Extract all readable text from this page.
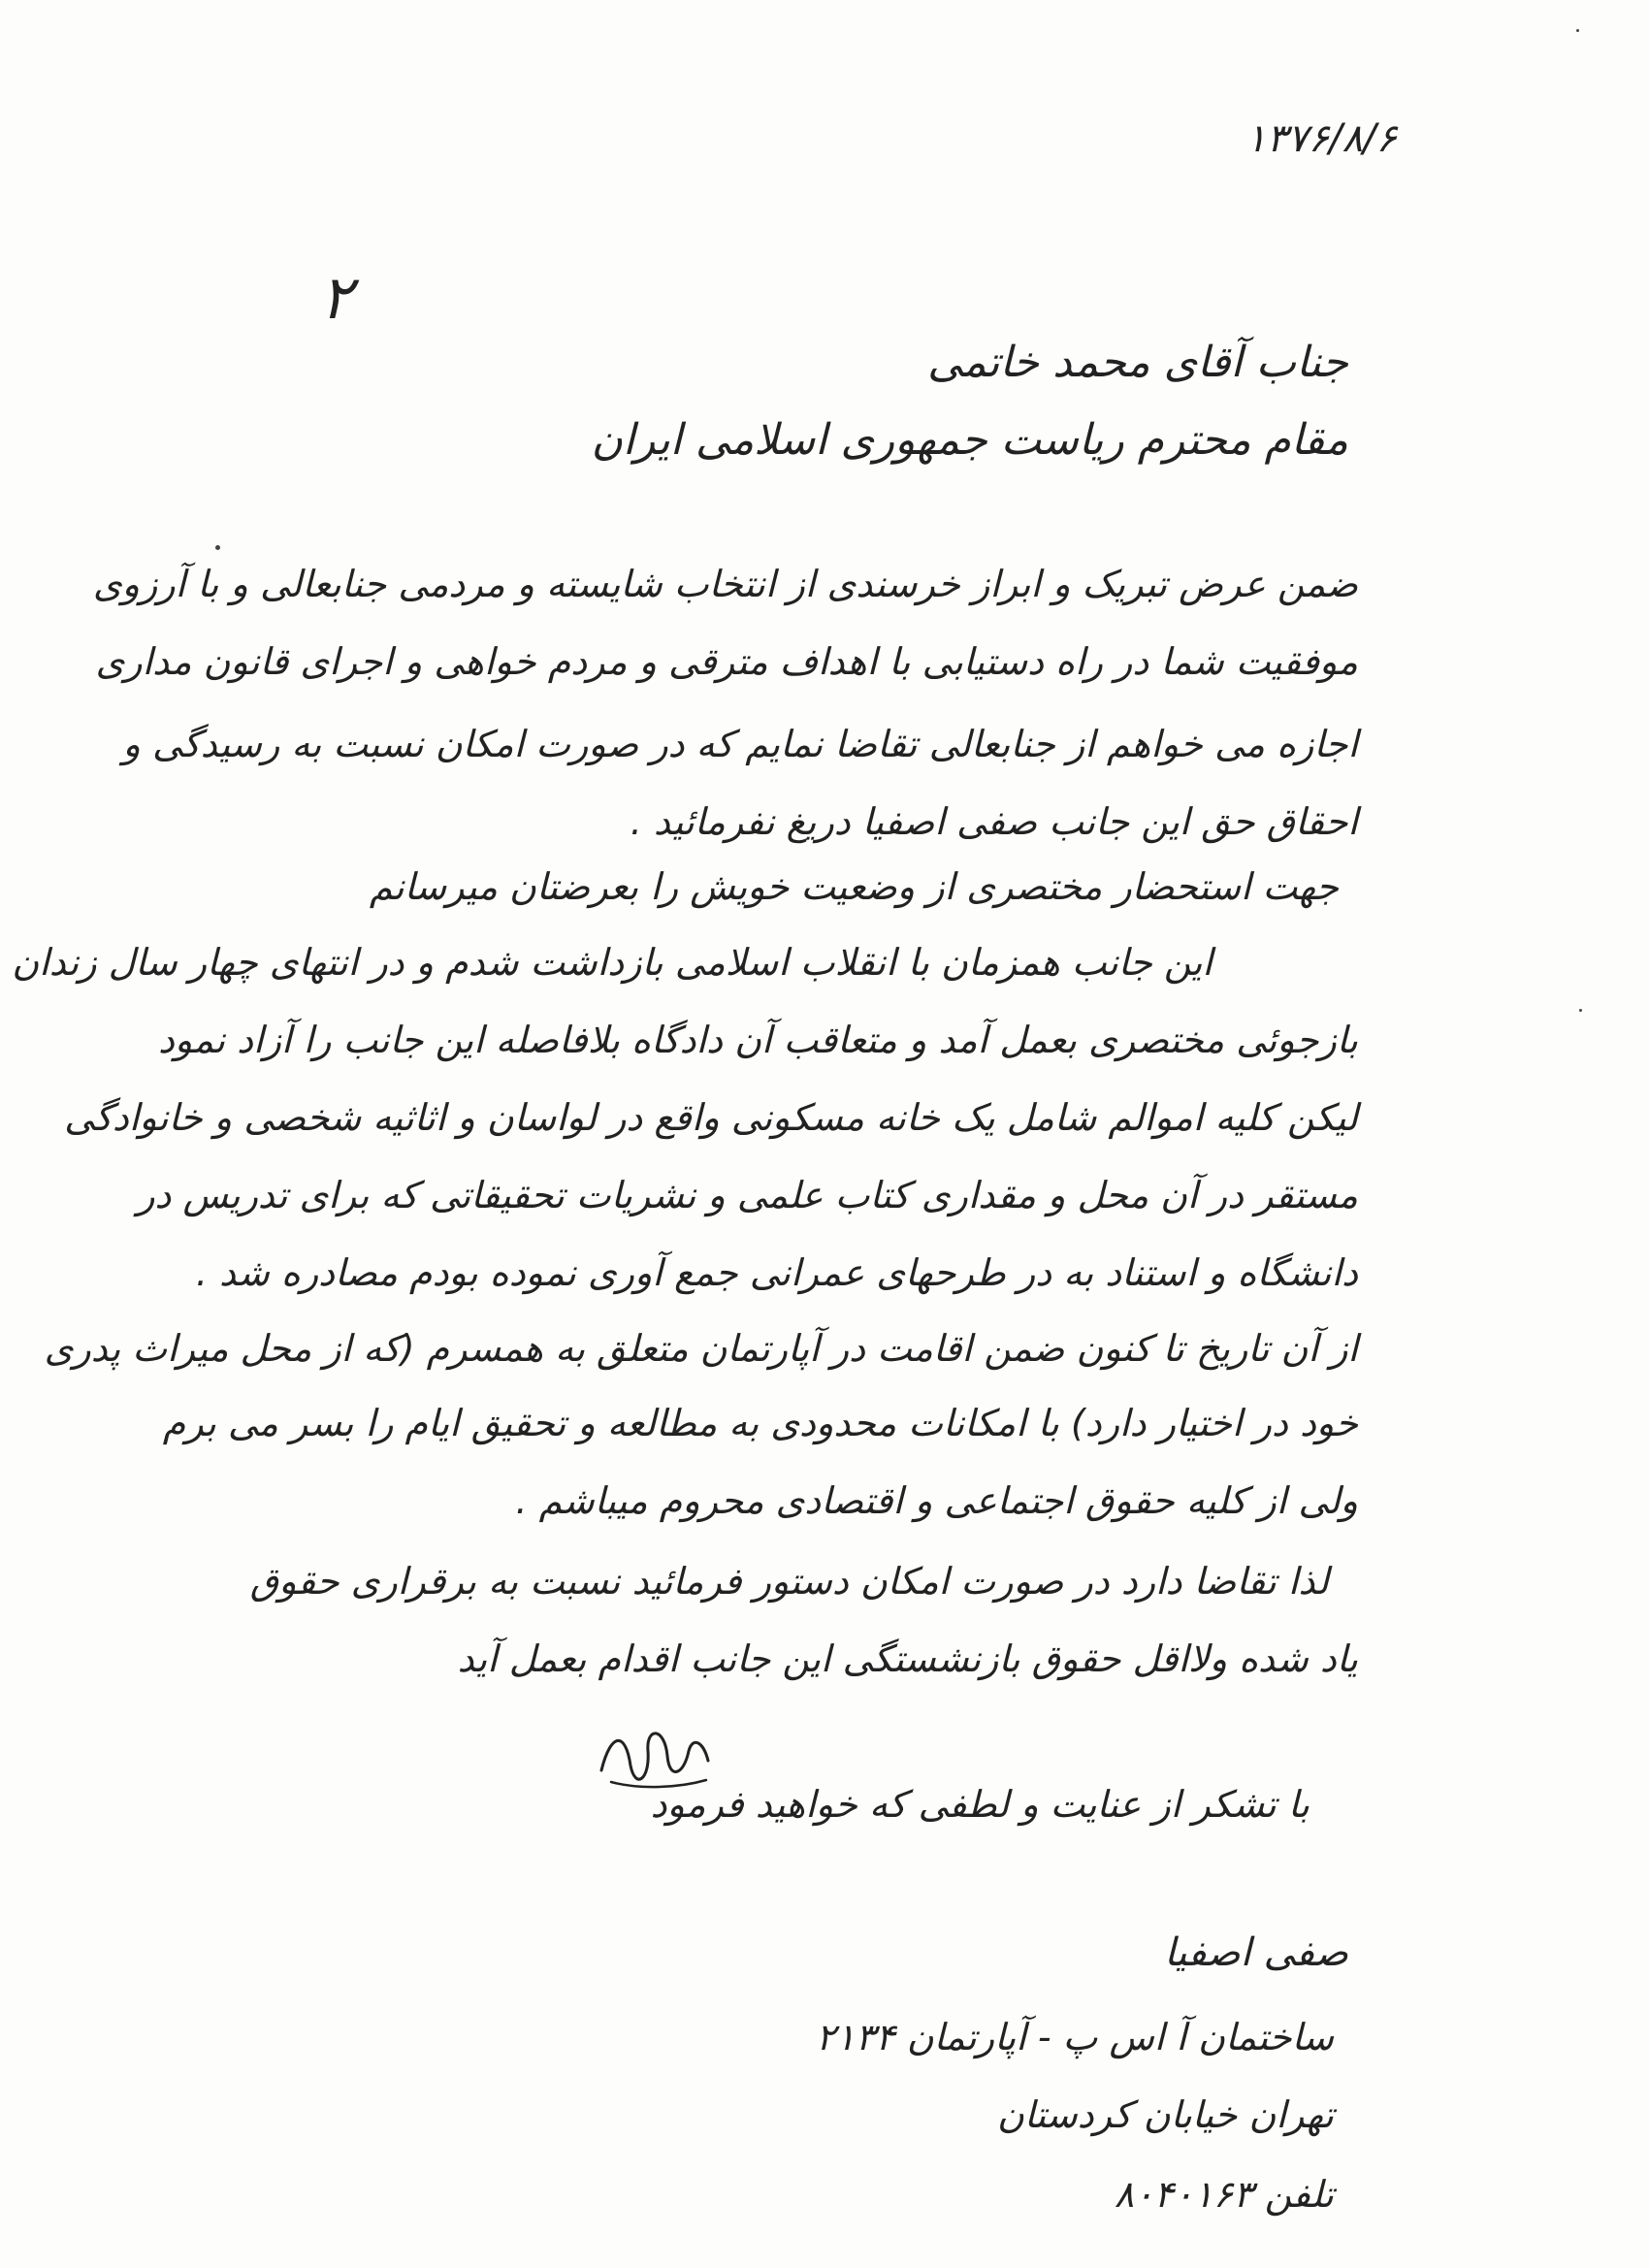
۱۳۷۶/۸/۶
۲
جناب آقای محمد خاتمی
مقام محترم ریاست جمهوری اسلامی ایران
ضمن عرض تبریک و ابراز خرسندی از انتخاب شایسته و مردمی جنابعالی و با آرزوی
موفقیت شما در راه دستیابی با اهداف مترقی و مردم خواهی و اجرای قانون مداری
اجازه می خواهم از جنابعالی تقاضا نمایم که در صورت امکان نسبت به رسیدگی و
احقاق حق این جانب صفی اصفیا دریغ نفرمائید .
جهت استحضار مختصری از وضعیت خویش را بعرضتان میرسانم
این جانب همزمان با انقلاب اسلامی بازداشت شدم و در انتهای چهار سال زندان
بازجوئی مختصری بعمل آمد و متعاقب آن دادگاه بلافاصله این جانب را آزاد نمود
لیکن کلیه اموالم شامل یک خانه مسکونی واقع در لواسان و اثاثیه شخصی و خانوادگی
مستقر در آن محل و مقداری کتاب علمی و نشریات تحقیقاتی که برای تدریس در
دانشگاه و استناد به در طرحهای عمرانی جمع آوری نموده بودم مصادره شد .
از آن تاریخ تا کنون ضمن اقامت در آپارتمان متعلق به همسرم (که از محل میراث پدری
خود در اختیار دارد) با امکانات محدودی به مطالعه و تحقیق ایام را بسر می برم
ولی از کلیه حقوق اجتماعی و اقتصادی محروم میباشم .
لذا تقاضا دارد در صورت امکان دستور فرمائید نسبت به برقراری حقوق
یاد شده ولااقل حقوق بازنشستگی این جانب اقدام بعمل آید
با تشکر از عنایت و لطفی که خواهید فرمود
صفی اصفیا
ساختمان آ اس پ - آپارتمان ۲۱۳۴
تهران خیابان کردستان
تلفن ۸۰۴۰۱۶۳
